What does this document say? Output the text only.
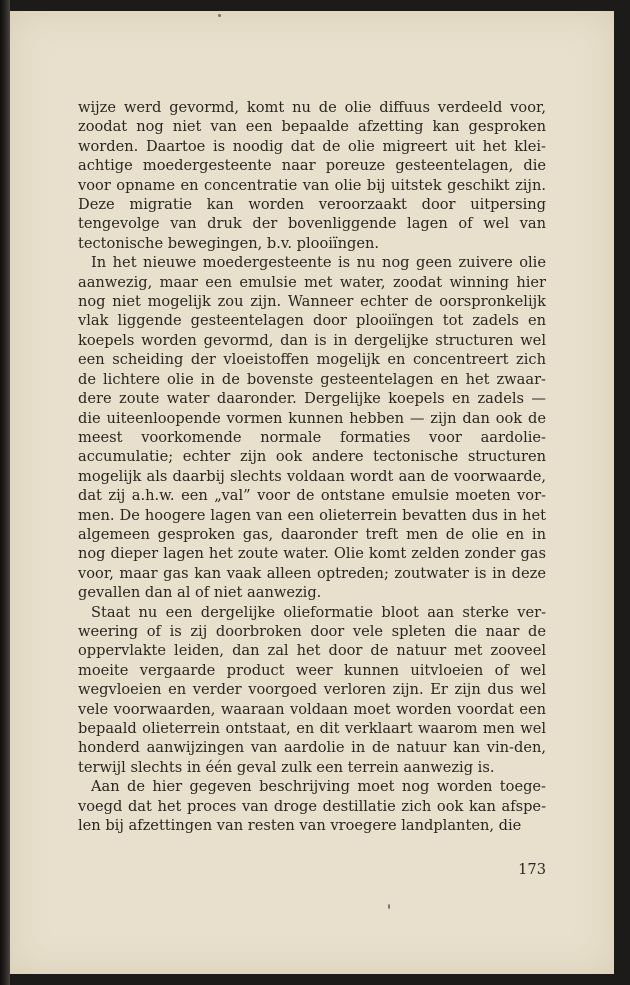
wijze werd gevormd, komt nu de olie diffuus verdeeld voor, zoodat nog niet van een bepaalde afzetting kan gesproken worden. Daartoe is noodig dat de olie migreert uit het klei-achtige moedergesteente naar poreuze gesteentelagen, die voor opname en concentratie van olie bij uitstek geschikt zijn. Deze migratie kan worden veroorzaakt door uitpersing tengevolge van druk der bovenliggende lagen of wel van tectonische bewegingen, b.v. plooiïngen.

In het nieuwe moedergesteente is nu nog geen zuivere olie aanwezig, maar een emulsie met water, zoodat winning hier nog niet mogelijk zou zijn. Wanneer echter de oorspronkelijk vlak liggende gesteentelagen door plooiïngen tot zadels en koepels worden gevormd, dan is in dergelijke structuren wel een scheiding der vloeistoffen mogelijk en concentreert zich de lichtere olie in de bovenste gesteentelagen en het zwaar-dere zoute water daaronder. Dergelijke koepels en zadels — die uiteenloopende vormen kunnen hebben — zijn dan ook de meest voorkomende normale formaties voor aardolie-accumulatie; echter zijn ook andere tectonische structuren mogelijk als daarbij slechts voldaan wordt aan de voorwaarde, dat zij a.h.w. een „val” voor de ontstane emulsie moeten vor-men. De hoogere lagen van een olieterrein bevatten dus in het algemeen gesproken gas, daaronder treft men de olie en in nog dieper lagen het zoute water. Olie komt zelden zonder gas voor, maar gas kan vaak alleen optreden; zoutwater is in deze gevallen dan al of niet aanwezig.

Staat nu een dergelijke olieformatie bloot aan sterke ver-weering of is zij doorbroken door vele spleten die naar de oppervlakte leiden, dan zal het door de natuur met zooveel moeite vergaarde product weer kunnen uitvloeien of wel wegvloeien en verder voorgoed verloren zijn. Er zijn dus wel vele voorwaarden, waaraan voldaan moet worden voordat een bepaald olieterrein ontstaat, en dit verklaart waarom men wel honderd aanwijzingen van aardolie in de natuur kan vin-den, terwijl slechts in één geval zulk een terrein aanwezig is.

Aan de hier gegeven beschrijving moet nog worden toege-voegd dat het proces van droge destillatie zich ook kan afspe-len bij afzettingen van resten van vroegere landplanten, die

173
